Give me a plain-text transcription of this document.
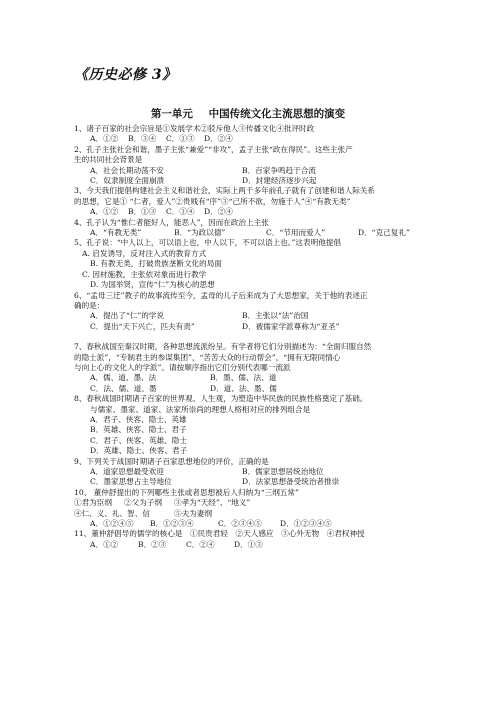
《历史必修 3》
第一单元 中国传统文化主流思想的演变
1、诸子百家的社会宗旨是①发展学术②驳斥他人③传播文化④批评时政
A．①② B．③④ C．①③ D．②④
2、孔子主张社会和谐，墨子主张“兼爱”“非攻”，孟子主张“政在得民”。这些主张产
生的共同社会背景是
A．社会长期动荡不安	B．百家争鸣趋于合流
C．奴隶制度全面崩溃	D．封建经济逐步兴起
3、今天我们提倡构建社会主义和谐社会，实际上两千多年前孔子就有了创建和谐人际关系
的思想，它是① “仁者，爱人”②贵贱有“序”③“己所不欲，勿施于人”④“有教无类”
A．①② B．①③ C．①④ D．②④
4、孔子认为“惟仁者能好人，能恶人”，因而在政治上主张
A．“有教无类”	B．“为政以德”	C．“节用而爱人”	D．“克己复礼”
5、孔子说：“中人以上，可以语上也，中人以下，不可以语上也。”这表明他提倡
A. 启发诱导，反对注入式的教育方式
B. 有教无类，打破贵族垄断文化的局面
C. 因材施教，主张依对象而进行教学
D. 为国举贤，宣传“仁”为核心的思想
6、“孟母三迁”教子的故事流传至今，孟母的儿子后来成为了大思想家，关于他的表述正
确的是：
A．提出了“仁”的学说	B．主张以“法”治国
C．提出“天下兴亡，匹夫有责”	D．被儒家学派尊称为“亚圣”
7、春秋战国至秦汉时期，各种思想流派纷呈。有学者将它们分别描述为：“全面归服自然
的隐士派”，“专制君主的参谋集团”，“苦苦大众的行动帮会”，“拥有无限同情心
与向上心的文化人的学派”。请按顺序指出它们分别代表哪一流派
A．儒、道、墨、法	B．墨、儒、法、道
C．法、儒、道、墨	D．道、法、墨、儒
8、春秋战国时期诸子百家的世界观、人生观，为塑造中华民族的民族性格奠定了基础。
与儒家、墨家、道家、法家所崇尚的理想人格相对应的排列组合是
A．君子、侠客、隐士、英雄
B．英雄、侠客、隐士、君子
C．君子、侠客、英雄、隐士
D．英雄、隐士、侠客、君子
9、下列关于战国时期诸子百家思想地位的评价，正确的是
A．道家思想最受欢迎	B．儒家思想居统治地位
C．墨家思想占主导地位	D．法家思想备受统治者推崇
10、 董仲舒提出的下列哪些主张或者思想被后人归纳为“三纲五常”
①君为臣纲 ②父为子纲 ③孝为“天经”、“地义”
④仁、义、礼、智、信	⑤夫为妻纲
A．①②④⑤ B．①②③④	C．②③④⑤ D．①②③④⑤
11、董仲舒倡导的儒学的核心是　①民贵君轻　②天人感应　③心外无物　④君权神授
A．①②	B．②③	C．②④	D．①③
